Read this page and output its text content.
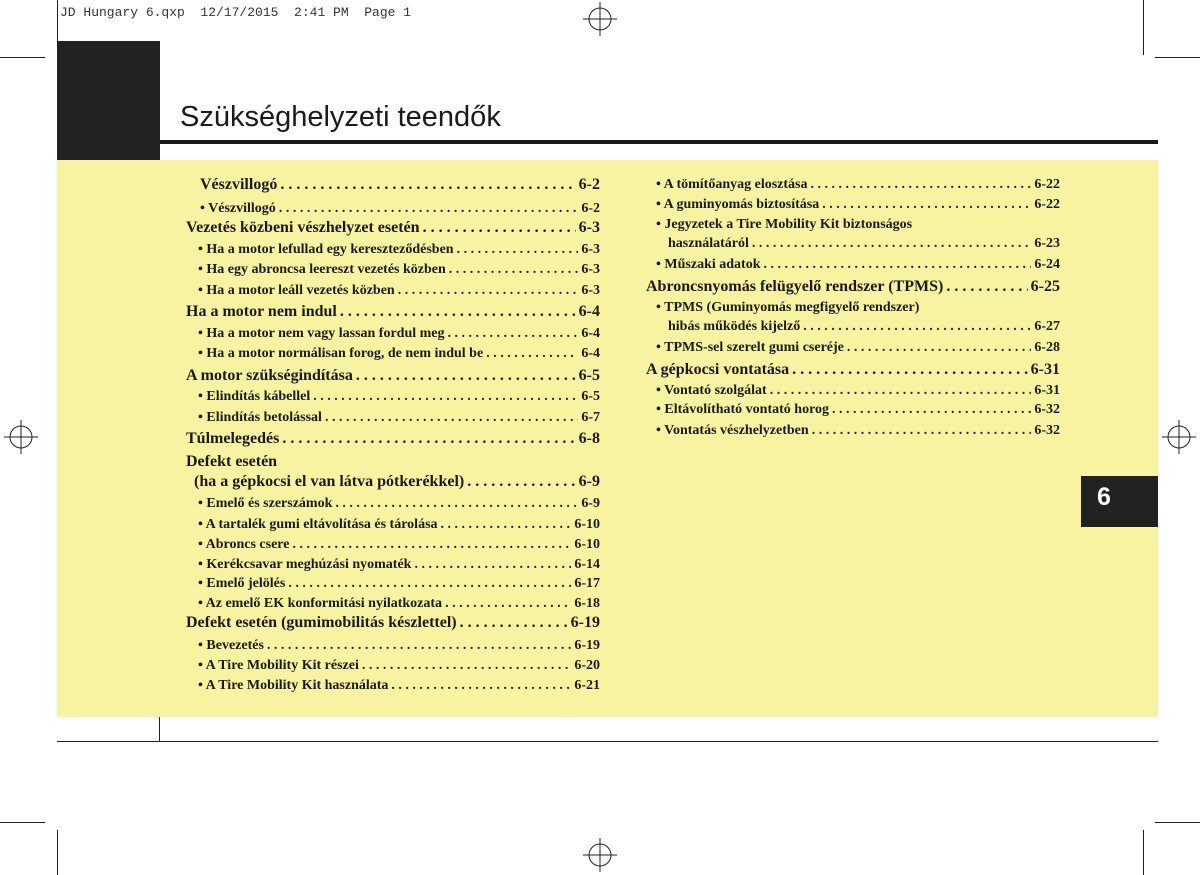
JD Hungary 6.qxp  12/17/2015  2:41 PM  Page 1
Szükséghelyzeti teendők
6
Vészvillogó . . .	6-2
• Vészvillogó . . .	6-2
Vezetés közbeni vészhelyzet esetén . . .	6-3
• Ha a motor lefullad egy kereszteződésben . . .	6-3
• Ha egy abroncsa leereszt vezetés közben . . .	6-3
• Ha a motor leáll vezetés közben . . .	6-3
Ha a motor nem indul . . .	6-4
• Ha a motor nem vagy lassan fordul meg . . .	6-4
• Ha a motor normálisan forog, de nem indul be . . .	6-4
A motor szükségindítása . . .	6-5
• Elindítás kábellel . . .	6-5
• Elindítás betolással . . .	6-7
Túlmelegedés . . .	6-8
Defekt esetén
(ha a gépkocsi el van látva pótkerékkel) . . .	6-9
• Emelő és szerszámok . . .	6-9
• A tartalék gumi eltávolítása és tárolása . . .	6-10
• Abroncs csere . . .	6-10
• Kerékcsavar meghúzási nyomaték . . .	6-14
• Emelő jelölés . . .	6-17
• Az emelő EK konformitási nyilatkozata . . .	6-18
Defekt esetén (gumimobilitás készlettel) . . .	6-19
• Bevezetés . . .	6-19
• A Tire Mobility Kit részei . . .	6-20
• A Tire Mobility Kit használata . . .	6-21
• A tömítőanyag elosztása . . .	6-22
• A guminyomás biztosítása . . .	6-22
• Jegyzetek a Tire Mobility Kit biztonságos
használatáról . . .	6-23
• Műszaki adatok . . .	6-24
Abroncsnyomás felügyelő rendszer (TPMS) . . .	6-25
• TPMS (Guminyomás megfigyelő rendszer)
hibás működés kijelző . . .	6-27
• TPMS-sel szerelt gumi cseréje . . .	6-28
A gépkocsi vontatása . . .	6-31
• Vontató szolgálat . . .	6-31
• Eltávolítható vontató horog . . .	6-32
• Vontatás vészhelyzetben . . .	6-32
